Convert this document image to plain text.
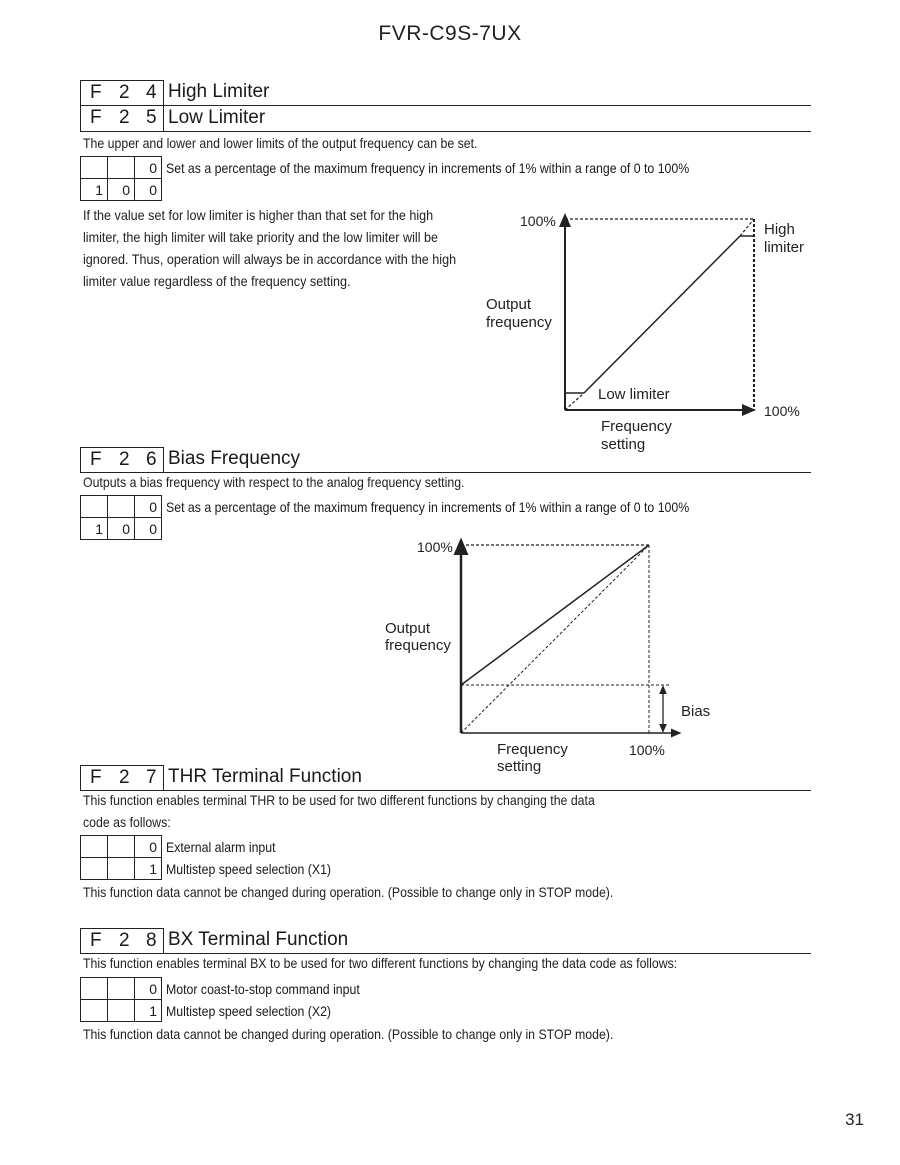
FVR-C9S-7UX
F 2 4 High Limiter
F 2 5 Low Limiter
The upper and lower and lower limits of the output frequency can be set.
		0	Set as a percentage of the maximum frequency in increments of 1% within a range of 0 to 100%
1	0	0	
If the value set for low limiter is higher than that set for the high limiter, the high limiter will take priority and the low limiter will be ignored. Thus, operation will always be in accordance with the high limiter value regardless of the frequency setting.
100%
Output
frequency
100%
Frequency
setting
High
limiter
Low limiter
F 2 6 Bias Frequency
Outputs a bias frequency with respect to the analog frequency setting.
		0	Set as a percentage of the maximum frequency in increments of 1% within a range of 0 to 100%
1	0	0	
100%
Output
frequency
Bias
100%
Frequency
setting
F 2 7 THR Terminal Function
This function enables terminal THR to be used for two different functions by changing the data
code as follows:
		0	External alarm input
		1	Multistep speed selection (X1)
This function data cannot be changed during operation. (Possible to change only in STOP mode).
F 2 8 BX Terminal Function
This function enables terminal BX to be used for two different functions by changing the data code as follows:
		0	Motor coast-to-stop command input
		1	Multistep speed selection (X2)
This function data cannot be changed during operation. (Possible to change only in STOP mode).
31
